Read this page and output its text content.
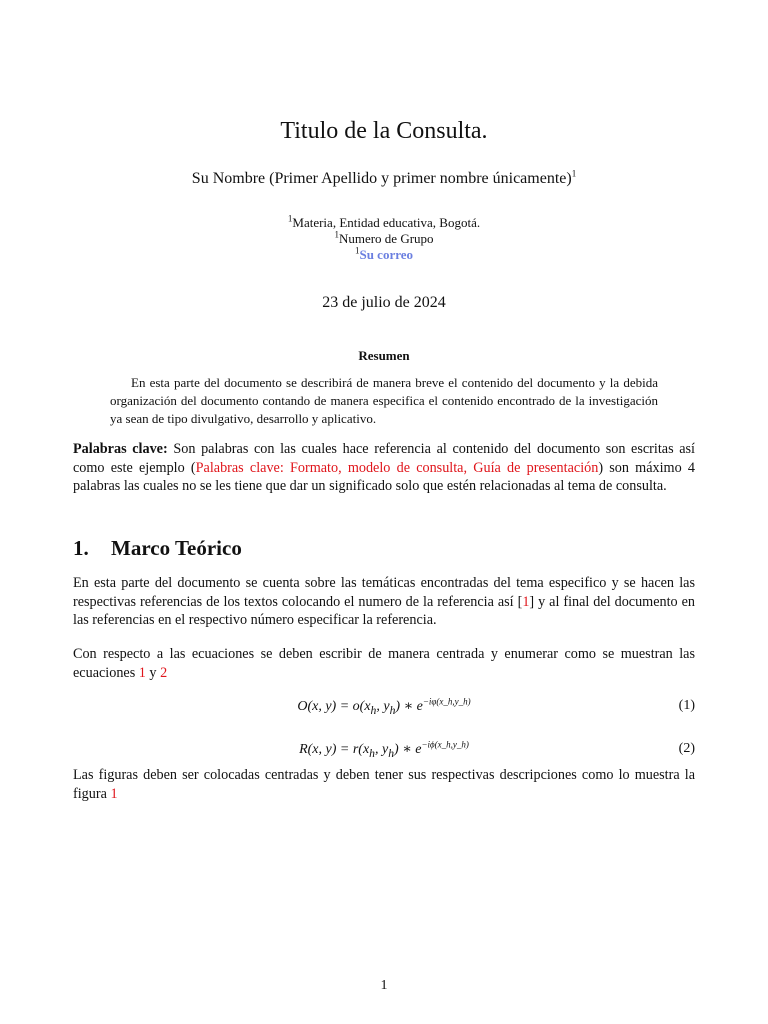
Titulo de la Consulta.
Su Nombre (Primer Apellido y primer nombre únicamente)$^1$
$^1$Materia, Entidad educativa, Bogotá.
$^1$Numero de Grupo
$^1$Su correo
23 de julio de 2024
Resumen
En esta parte del documento se describirá de manera breve el contenido del documento y la debida organización del documento contando de manera especifica el contenido encontrado de la investigación ya sean de tipo divulgativo, desarrollo y aplicativo.
Palabras clave: Son palabras con las cuales hace referencia al contenido del documento son escritas así como este ejemplo (Palabras clave: Formato, modelo de consulta, Guía de presentación) son máximo 4 palabras las cuales no se les tiene que dar un significado solo que estén relacionadas al tema de consulta.
1. Marco Teórico
En esta parte del documento se cuenta sobre las temáticas encontradas del tema especifico y se hacen las respectivas referencias de los textos colocando el numero de la referencia así [1] y al final del documento en las referencias en el respectivo número especificar la referencia.
Con respecto a las ecuaciones se deben escribir de manera centrada y enumerar como se muestran las ecuaciones 1 y 2
O(x, $y) = o(x_h$, $y_h$) ∗ $e^{-i\varphi(x\_h,y\_h)}$	(1)
R(x, $y) = r(x_h$, $y_h$) ∗ $e^{-i\phi(x\_h,y\_h)}$	(2)
Las figuras deben ser colocadas centradas y deben tener sus respectivas descripciones como lo muestra la figura 1
1
